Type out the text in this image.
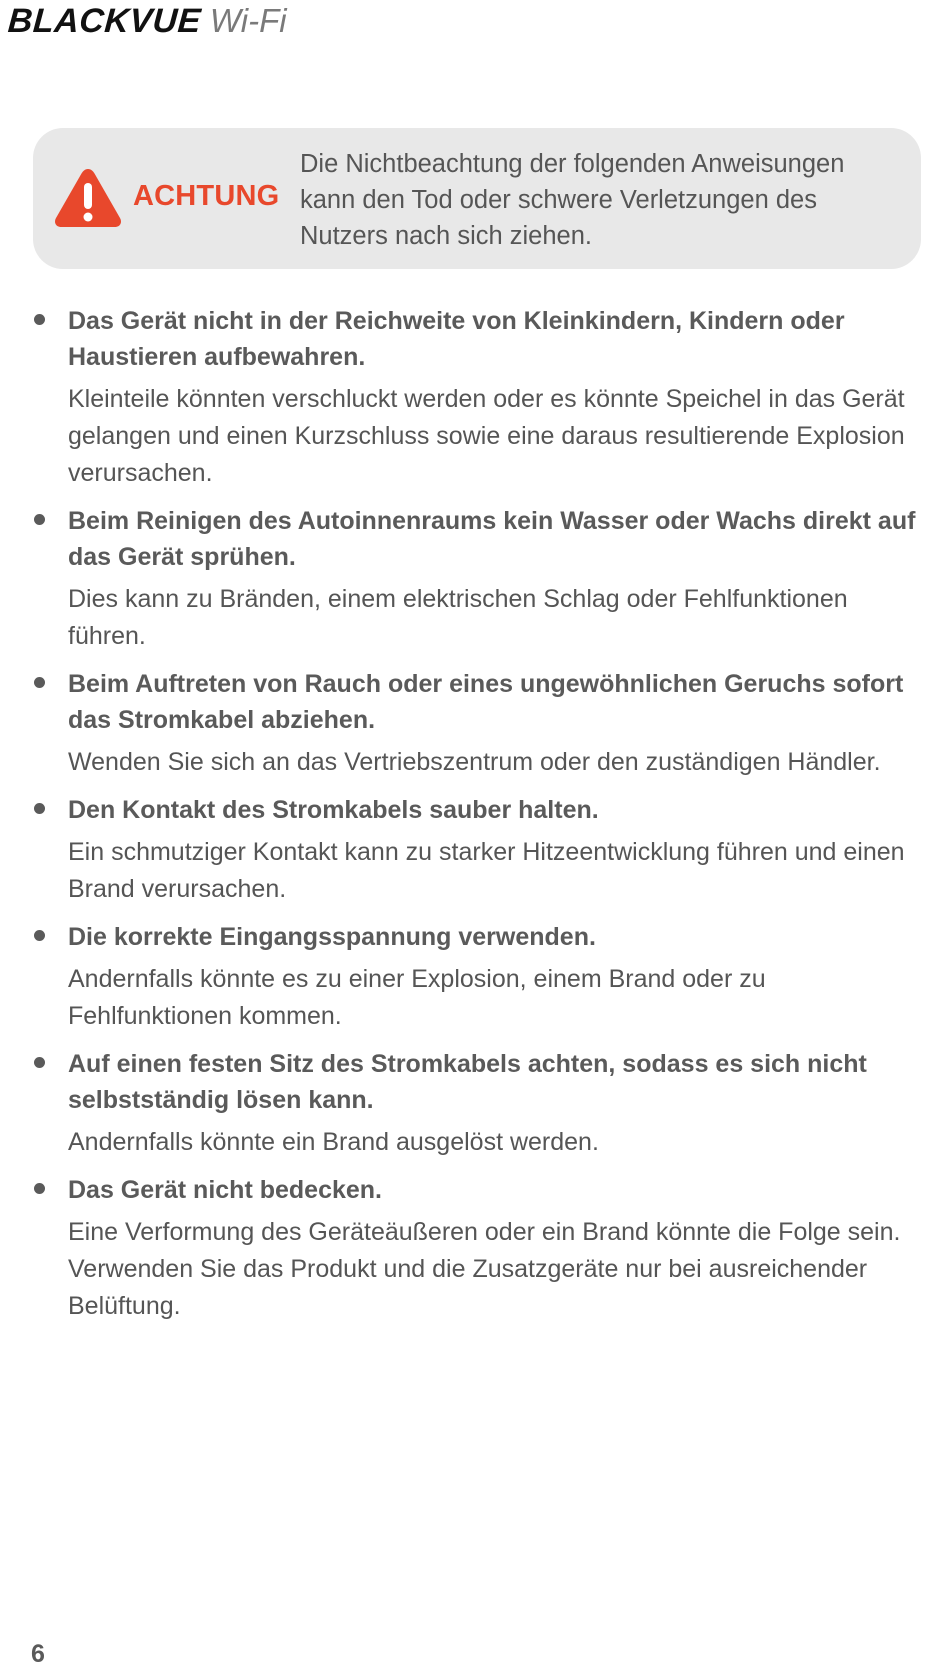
BLACKVUE Wi-Fi
ACHTUNG
Die Nichtbeachtung der folgenden Anweisungen kann den Tod oder schwere Verletzungen des Nutzers nach sich ziehen.

Das Gerät nicht in der Reichweite von Kleinkindern, Kindern oder Haustieren aufbewahren.

Kleinteile könnten verschluckt werden oder es könnte Speichel in das Gerät gelangen und einen Kurzschluss sowie eine daraus resultierende Explosion verursachen.

Beim Reinigen des Autoinnenraums kein Wasser oder Wachs direkt auf das Gerät sprühen.

Dies kann zu Bränden, einem elektrischen Schlag oder Fehlfunktionen führen.

Beim Auftreten von Rauch oder eines ungewöhnlichen Geruchs sofort das Stromkabel abziehen.

Wenden Sie sich an das Vertriebszentrum oder den zuständigen Händler.

Den Kontakt des Stromkabels sauber halten.

Ein schmutziger Kontakt kann zu starker Hitzeentwicklung führen und einen Brand verursachen.

Die korrekte Eingangsspannung verwenden.

Andernfalls könnte es zu einer Explosion, einem Brand oder zu Fehlfunktionen kommen.

Auf einen festen Sitz des Stromkabels achten, sodass es sich nicht selbstständig lösen kann.

Andernfalls könnte ein Brand ausgelöst werden.

Das Gerät nicht bedecken.

Eine Verformung des Geräteäußeren oder ein Brand könnte die Folge sein. Verwenden Sie das Produkt und die Zusatzgeräte nur bei ausreichender Belüftung.

6
